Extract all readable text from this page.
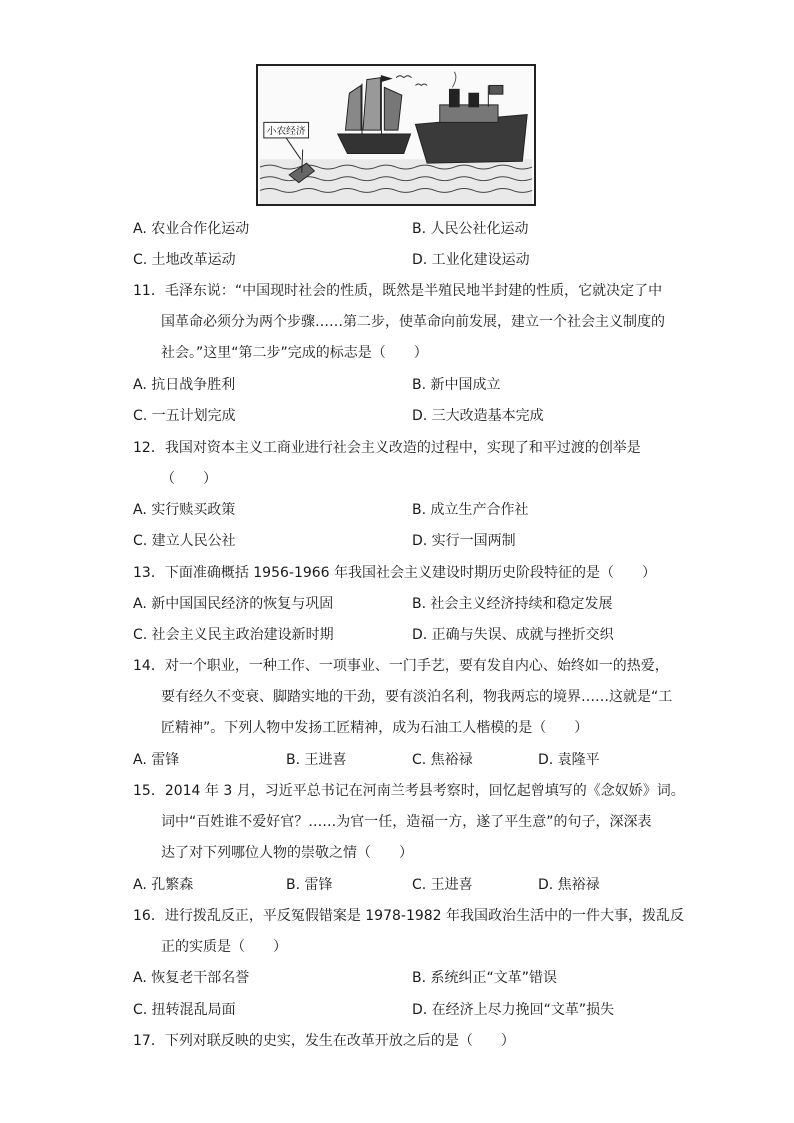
小农经济
A. 农业合作化运动	B. 人民公社化运动
C. 土地改革运动	D. 工业化建设运动
11．毛泽东说：“中国现时社会的性质，既然是半殖民地半封建的性质，它就决定了中
国革命必须分为两个步骤……第二步，使革命向前发展，建立一个社会主义制度的
社会。”这里“第二步”完成的标志是（　　）
A. 抗日战争胜利	B. 新中国成立
C. 一五计划完成	D. 三大改造基本完成
12．我国对资本主义工商业进行社会主义改造的过程中，实现了和平过渡的创举是
（　　）
A. 实行赎买政策	B. 成立生产合作社
C. 建立人民公社	D. 实行一国两制
13．下面准确概括 1956-1966 年我国社会主义建设时期历史阶段特征的是（　　）
A. 新中国国民经济的恢复与巩固	B. 社会主义经济持续和稳定发展
C. 社会主义民主政治建设新时期	D. 正确与失误、成就与挫折交织
14．对一个职业，一种工作、一项事业、一门手艺，要有发自内心、始终如一的热爱，
要有经久不变衰、脚踏实地的干劲，要有淡泊名利，物我两忘的境界……这就是“工
匠精神”。下列人物中发扬工匠精神，成为石油工人楷模的是（　　）
A. 雷锋	B. 王进喜	C. 焦裕禄	D. 袁隆平
15．2014 年 3 月，习近平总书记在河南兰考县考察时，回忆起曾填写的《念奴娇》词。
词中“百姓谁不爱好官？……为官一任，造福一方，遂了平生意”的句子，深深表
达了对下列哪位人物的崇敬之情（　　）
A. 孔繁森	B. 雷锋	C. 王进喜	D. 焦裕禄
16．进行拨乱反正，平反冤假错案是 1978-1982 年我国政治生活中的一件大事，拨乱反
正的实质是（　　）
A. 恢复老干部名誉	B. 系统纠正“文革”错误
C. 扭转混乱局面	D. 在经济上尽力挽回“文革”损失
17．下列对联反映的史实，发生在改革开放之后的是（　　）
